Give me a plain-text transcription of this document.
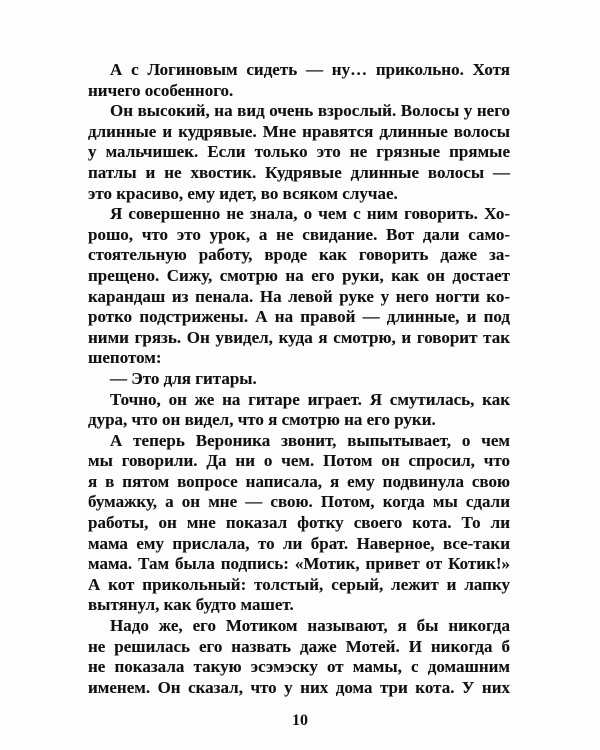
А с Логиновым сидеть — ну… прикольно. Хотя
ничего особенного.
Он высокий, на вид очень взрослый. Волосы у него
длинные и кудрявые. Мне нравятся длинные волосы
у мальчишек. Если только это не грязные прямые
патлы и не хвостик. Кудрявые длинные волосы —
это красиво, ему идет, во всяком случае.
Я совершенно не знала, о чем с ним говорить. Хо-
рошо, что это урок, а не свидание. Вот дали само-
стоятельную работу, вроде как говорить даже за-
прещено. Сижу, смотрю на его руки, как он достает
карандаш из пенала. На левой руке у него ногти ко-
ротко подстрижены. А на правой — длинные, и под
ними грязь. Он увидел, куда я смотрю, и говорит так
шепотом:
— Это для гитары.
Точно, он же на гитаре играет. Я смутилась, как
дура, что он видел, что я смотрю на его руки.
А теперь Вероника звонит, выпытывает, о чем
мы говорили. Да ни о чем. Потом он спросил, что
я в пятом вопросе написала, я ему подвинула свою
бумажку, а он мне — свою. Потом, когда мы сдали
работы, он мне показал фотку своего кота. То ли
мама ему прислала, то ли брат. Наверное, все-таки
мама. Там была подпись: «Мотик, привет от Котик!»
А кот прикольный: толстый, серый, лежит и лапку
вытянул, как будто машет.
Надо же, его Мотиком называют, я бы никогда
не решилась его назвать даже Мотей. И никогда б
не показала такую эсэмэску от мамы, с домашним
именем. Он сказал, что у них дома три кота. У них
10
